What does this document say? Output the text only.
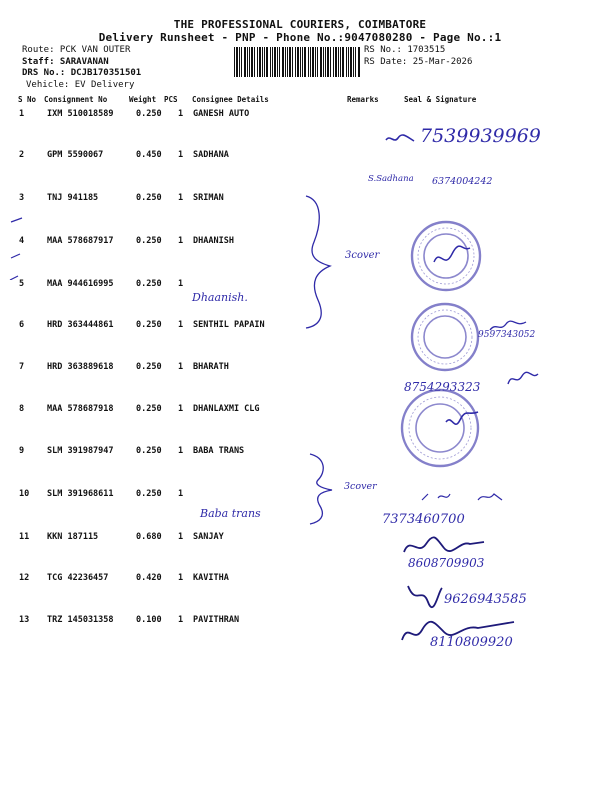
THE PROFESSIONAL COURIERS, COIMBATORE
Delivery Runsheet - PNP - Phone No.:9047080280 - Page No.:1
Route: PCK VAN OUTER
Staff: SARAVANAN
DRS No.: DCJB170351501
Vehicle: EV Delivery
RS No.: 1703515
RS Date: 25-Mar-2026
S No Consignment No	Weight PCS Consignee Details	Remarks	Seal & Signature
1	IXM 510018589	0.250 1 GANESH AUTO
2	GPM 5590067	0.450 1 SADHANA
3	TNJ 941185	0.250 1 SRIMAN
4	MAA 578687917	0.250 1 DHAANISH
5	MAA 944616995	0.250 1
6	HRD 363444861	0.250 1 SENTHIL PAPAIN
7	HRD 363889618	0.250 1 BHARATH
8	MAA 578687918	0.250 1 DHANLAXMI CLG
9	SLM 391987947	0.250 1 BABA TRANS
10 SLM 391968611	0.250 1
11 KKN 187115	0.680 1 SANJAY
12 TCG 42236457	0.420 1 KAVITHA
13 TRZ 145031358	0.100 1 PAVITHRAN
7539939969
S.Sadhana 6374004242
3cover
Dhaanish.
9597343052
8754293323
3cover
Baba trans	7373460700
8608709903
9626943585
8110809920
